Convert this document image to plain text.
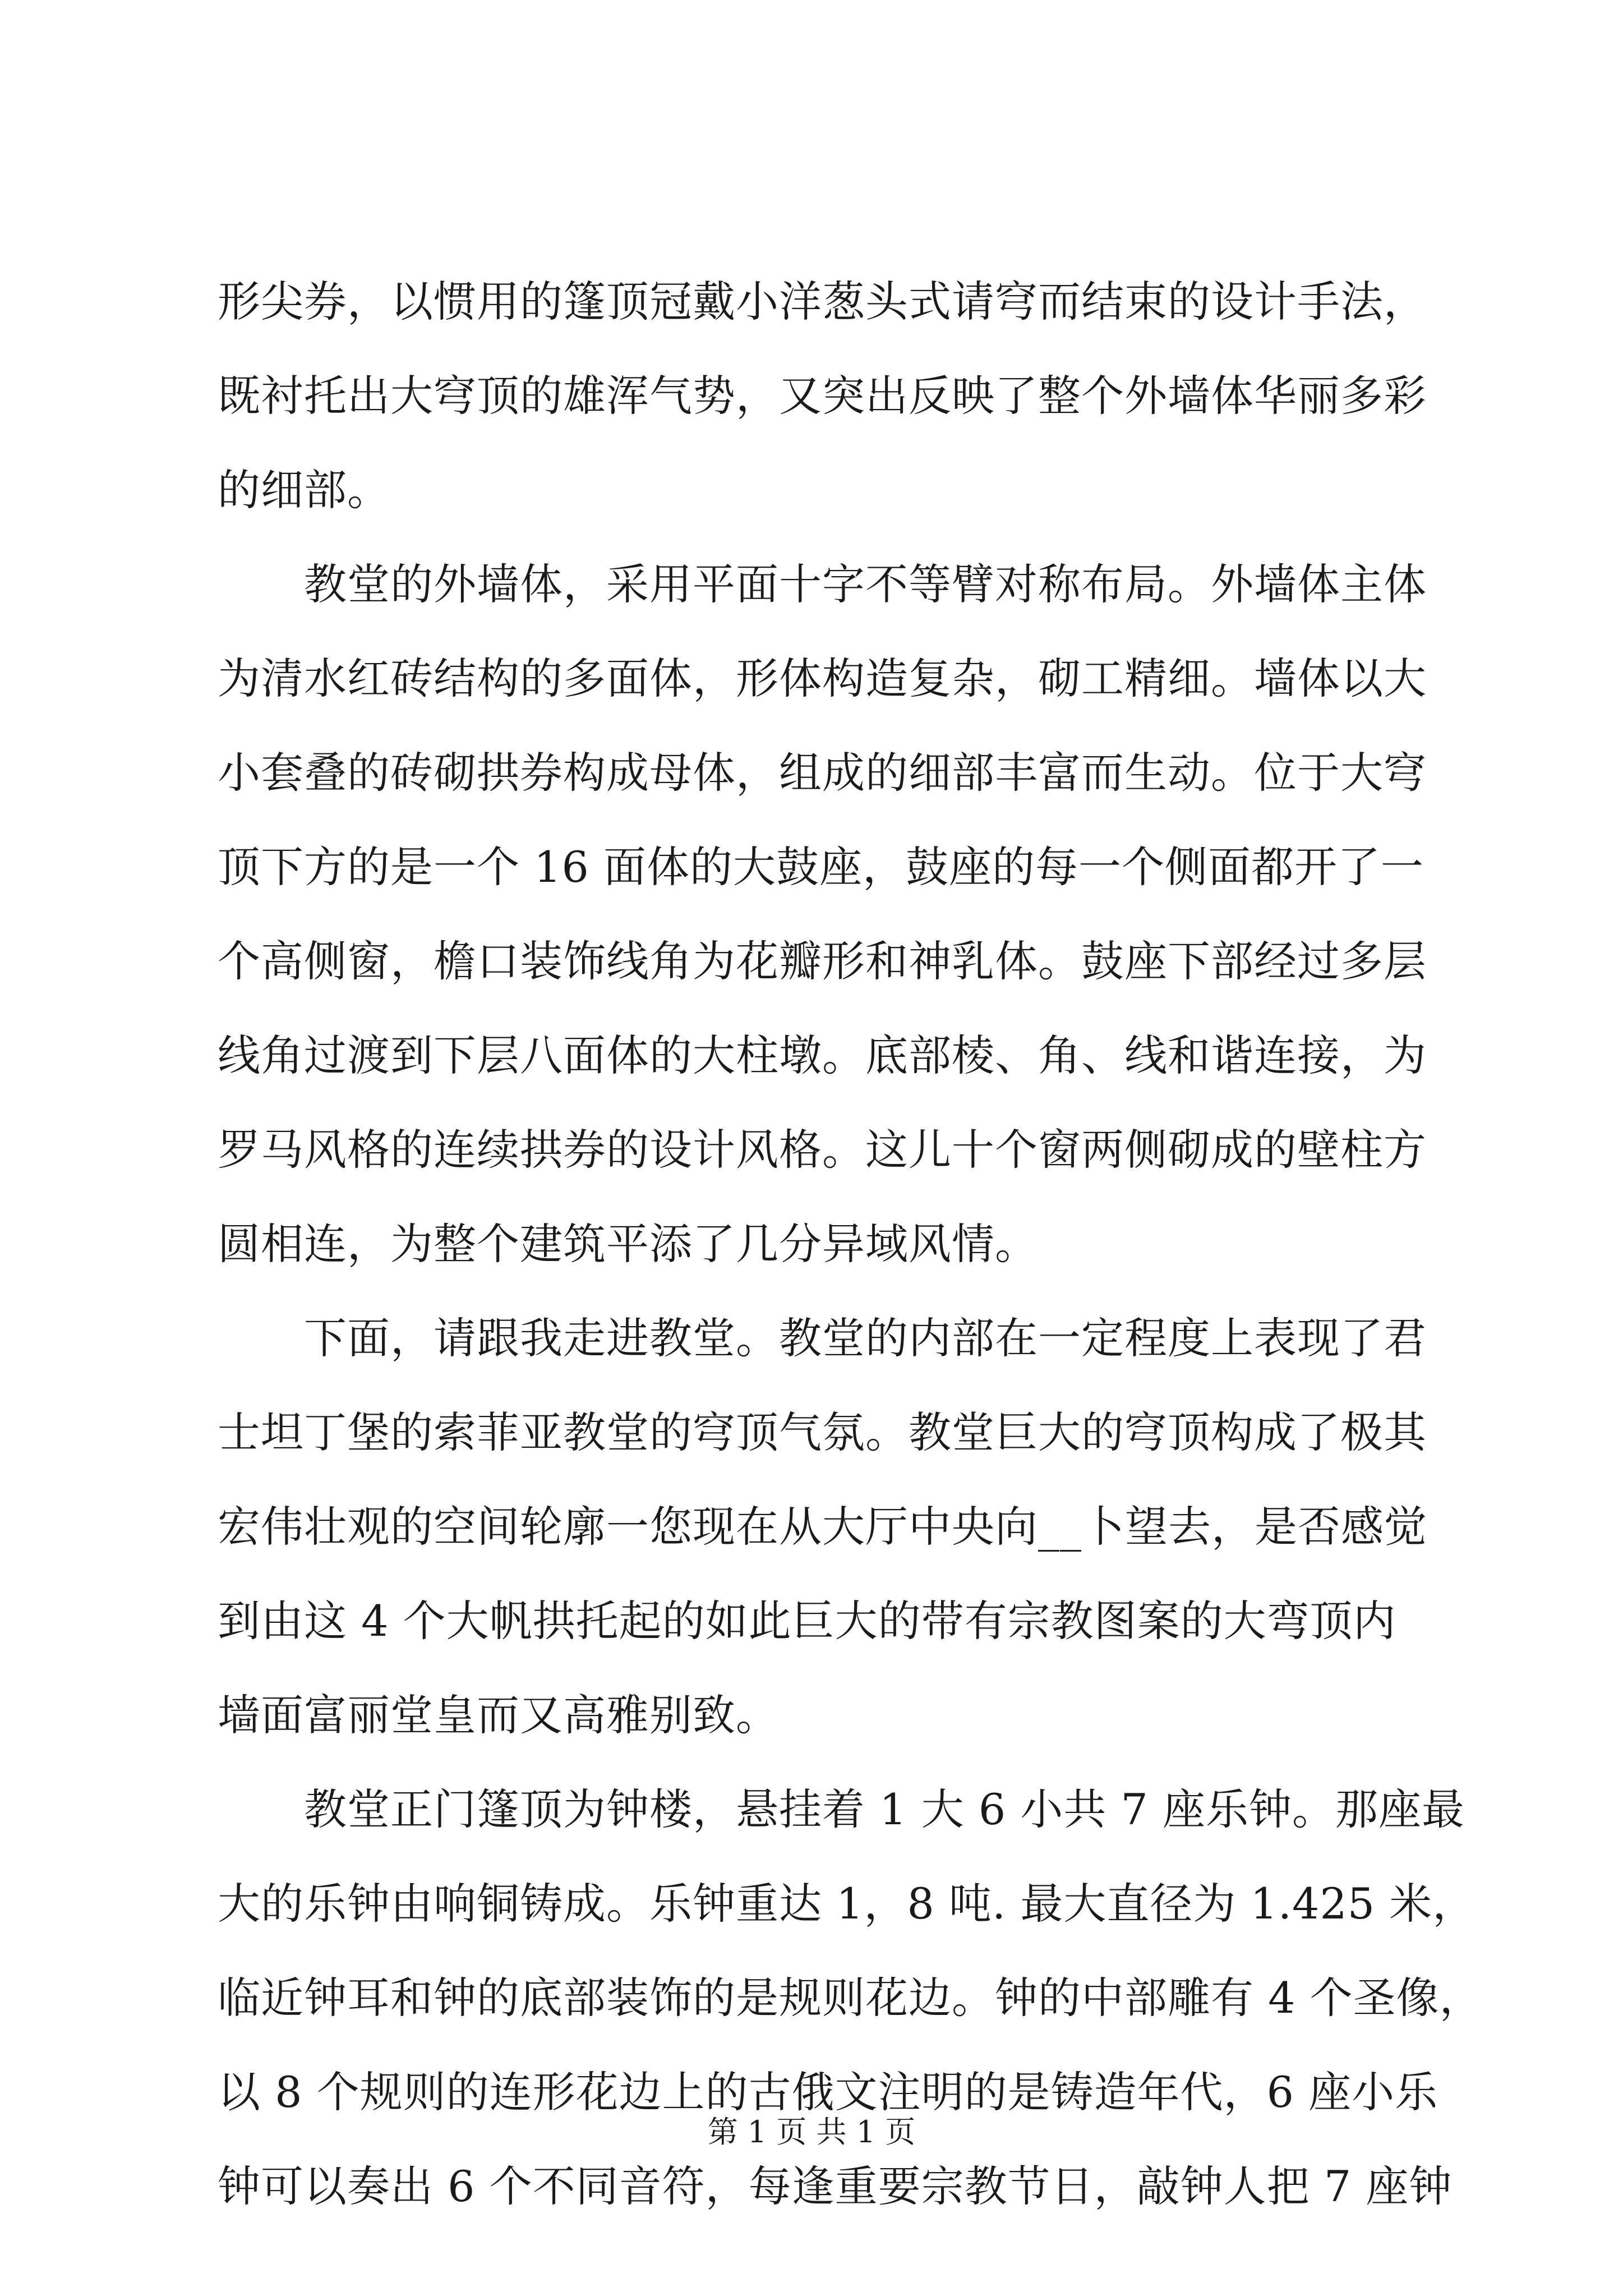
形尖券，以惯用的篷顶冠戴小洋葱头式请穹而结束的设计手法，
既衬托出大穹顶的雄浑气势，又突出反映了整个外墙体华丽多彩
的细部。
　　教堂的外墙体，采用平面十字不等臂对称布局。外墙体主体
为清水红砖结构的多面体，形体构造复杂，砌工精细。墙体以大
小套叠的砖砌拱券构成母体，组成的细部丰富而生动。位于大穹
顶下方的是一个 16 面体的大鼓座，鼓座的每一个侧面都开了一
个高侧窗，檐口装饰线角为花瓣形和神乳体。鼓座下部经过多层
线角过渡到下层八面体的大柱墩。底部棱、角、线和谐连接，为
罗马风格的连续拱券的设计风格。这儿十个窗两侧砌成的壁柱方
圆相连，为整个建筑平添了几分异域风情。
　　下面，请跟我走进教堂。教堂的内部在一定程度上表现了君
士坦丁堡的索菲亚教堂的穹顶气氛。教堂巨大的穹顶构成了极其
宏伟壮观的空间轮廓一您现在从大厅中央向__卜望去，是否感觉
到由这 4 个大帆拱托起的如此巨大的带有宗教图案的大弯顶内
墙面富丽堂皇而又高雅别致。
　　教堂正门篷顶为钟楼，悬挂着 1 大 6 小共 7 座乐钟。那座最
大的乐钟由响铜铸成。乐钟重达 1，8 吨. 最大直径为 1.425 米，
临近钟耳和钟的底部装饰的是规则花边。钟的中部雕有 4 个圣像，
以 8 个规则的连形花边上的古俄文注明的是铸造年代，6 座小乐
钟可以奏出 6 个不同音符，每逢重要宗教节日，敲钟人把 7 座钟
第 1 页 共 1 页
